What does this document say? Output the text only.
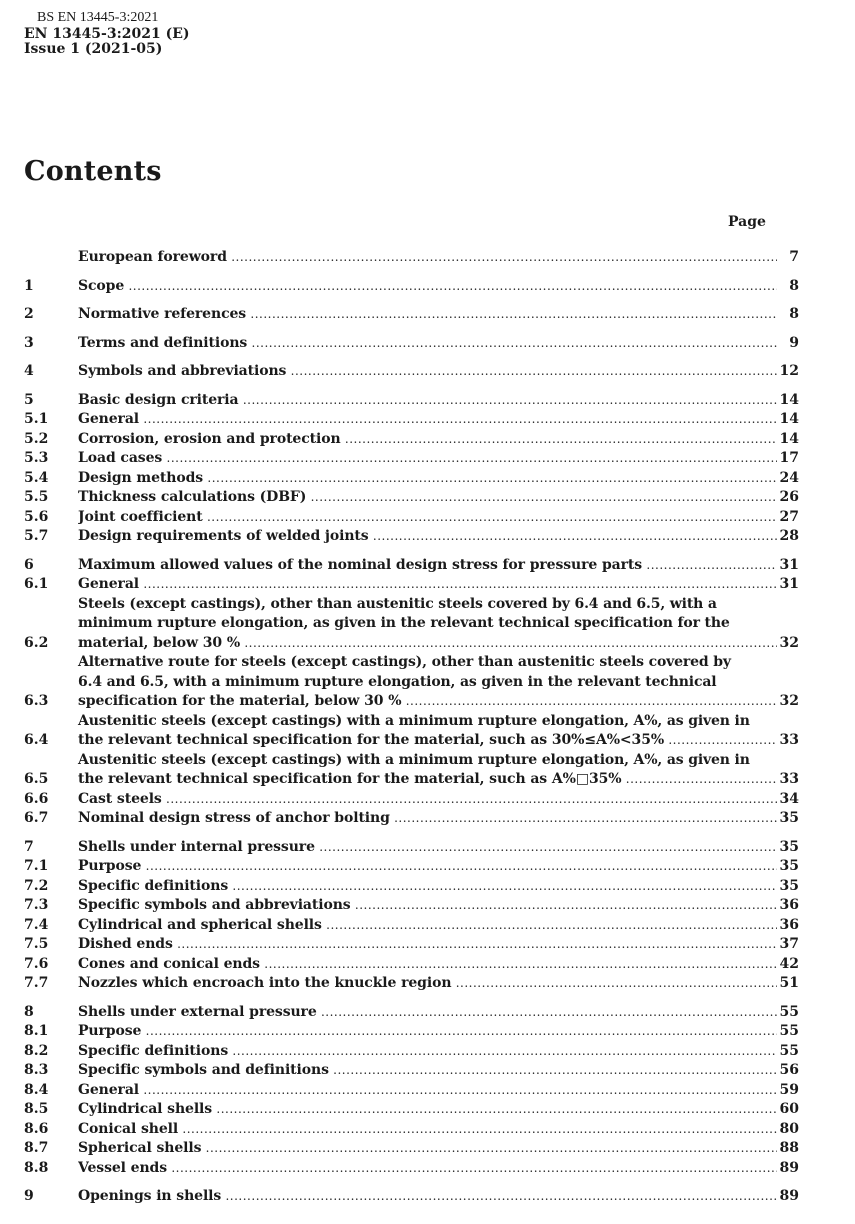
BS EN 13445-3:2021
EN 13445-3:2021 (E)
Issue 1 (2021-05)
Contents
Page
European foreword .....	7
1	Scope .....	8
2	Normative references .....	8
3	Terms and definitions .....	9
4	Symbols and abbreviations .....	12
5	Basic design criteria .....	14
5.1	General .....	14
5.2	Corrosion, erosion and protection .....	14
5.3	Load cases .....	17
5.4	Design methods .....	24
5.5	Thickness calculations (DBF) .....	26
5.6	Joint coefficient .....	27
5.7	Design requirements of welded joints .....	28
6	Maximum allowed values of the nominal design stress for pressure parts .....	31
6.1	General .....	31
6.2
Steels (except castings), other than austenitic steels covered by 6.4 and 6.5, with a
minimum rupture elongation, as given in the relevant technical specification for the
material, below 30 % .....	32
6.3
Alternative route for steels (except castings), other than austenitic steels covered by
6.4 and 6.5, with a minimum rupture elongation, as given in the relevant technical
specification for the material, below 30 % .....	32
6.4
Austenitic steels (except castings) with a minimum rupture elongation, A%, as given in
the relevant technical specification for the material, such as 30%≤A%<35% .....	33
6.5
Austenitic steels (except castings) with a minimum rupture elongation, A%, as given in
the relevant technical specification for the material, such as A%□35% .....	33
6.6	Cast steels .....	34
6.7	Nominal design stress of anchor bolting .....	35
7	Shells under internal pressure .....	35
7.1	Purpose .....	35
7.2	Specific definitions .....	35
7.3	Specific symbols and abbreviations .....	36
7.4	Cylindrical and spherical shells .....	36
7.5	Dished ends .....	37
7.6	Cones and conical ends .....	42
7.7	Nozzles which encroach into the knuckle region .....	51
8	Shells under external pressure .....	55
8.1	Purpose .....	55
8.2	Specific definitions .....	55
8.3	Specific symbols and definitions .....	56
8.4	General .....	59
8.5	Cylindrical shells .....	60
8.6	Conical shell .....	80
8.7	Spherical shells .....	88
8.8	Vessel ends .....	89
9	Openings in shells .....	89
